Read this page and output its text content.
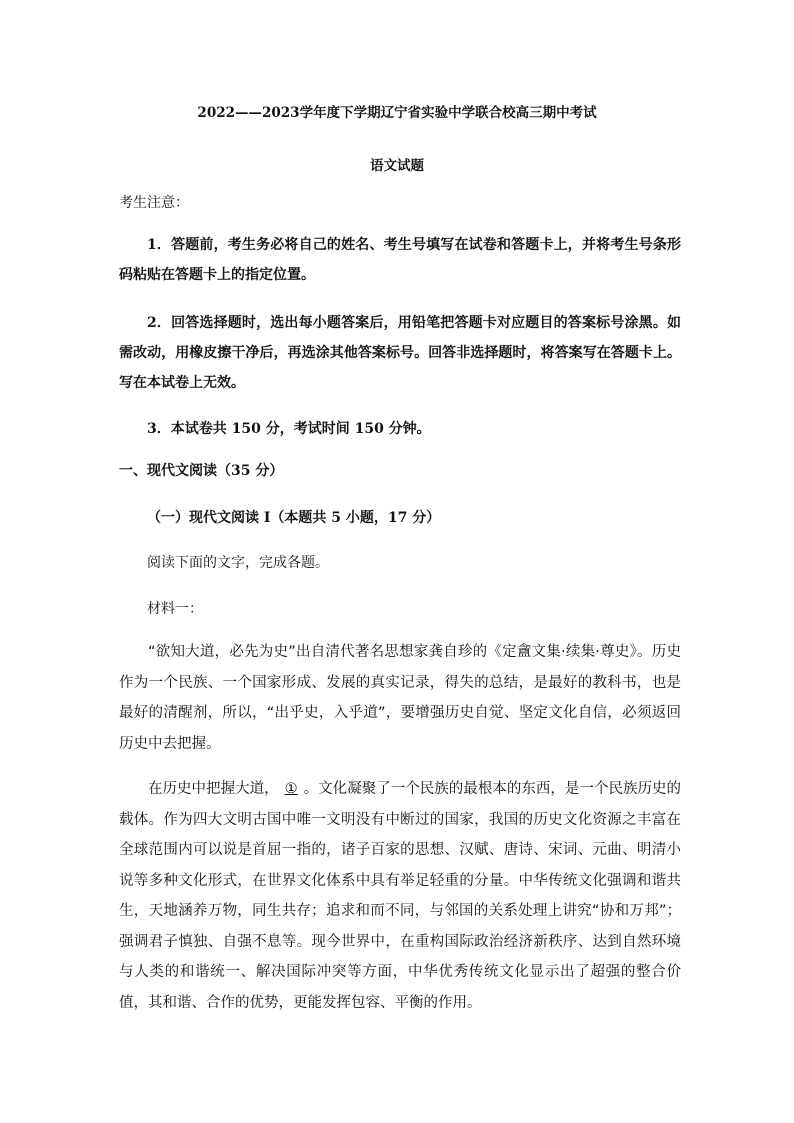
2022——2023学年度下学期辽宁省实验中学联合校高三期中考试
语文试题
考生注意：
1．答题前，考生务必将自己的姓名、考生号填写在试卷和答题卡上，并将考生号条形码粘贴在答题卡上的指定位置。
2．回答选择题时，选出每小题答案后，用铅笔把答题卡对应题目的答案标号涂黑。如需改动，用橡皮擦干净后，再选涂其他答案标号。回答非选择题时，将答案写在答题卡上。写在本试卷上无效。
3．本试卷共 150 分，考试时间 150 分钟。
一、现代文阅读（35 分）
（一）现代文阅读 I（本题共 5 小题，17 分）
阅读下面的文字，完成各题。
材料一：
“欲知大道，必先为史”出自清代著名思想家龚自珍的《定盦文集·续集·尊史》。历史作为一个民族、一个国家形成、发展的真实记录，得失的总结，是最好的教科书，也是最好的清醒剂，所以，“出乎史，入乎道”，要增强历史自觉、坚定文化自信，必须返回历史中去把握。
在历史中把握大道， ① 。文化凝聚了一个民族的最根本的东西，是一个民族历史的载体。作为四大文明古国中唯一文明没有中断过的国家，我国的历史文化资源之丰富在全球范围内可以说是首屈一指的，诸子百家的思想、汉赋、唐诗、宋词、元曲、明清小说等多种文化形式，在世界文化体系中具有举足轻重的分量。中华传统文化强调和谐共生，天地涵养万物，同生共存；追求和而不同，与邻国的关系处理上讲究“协和万邦”；强调君子慎独、自强不息等。现今世界中，在重构国际政治经济新秩序、达到自然环境与人类的和谐统一、解决国际冲突等方面，中华优秀传统文化显示出了超强的整合价值，其和谐、合作的优势，更能发挥包容、平衡的作用。
